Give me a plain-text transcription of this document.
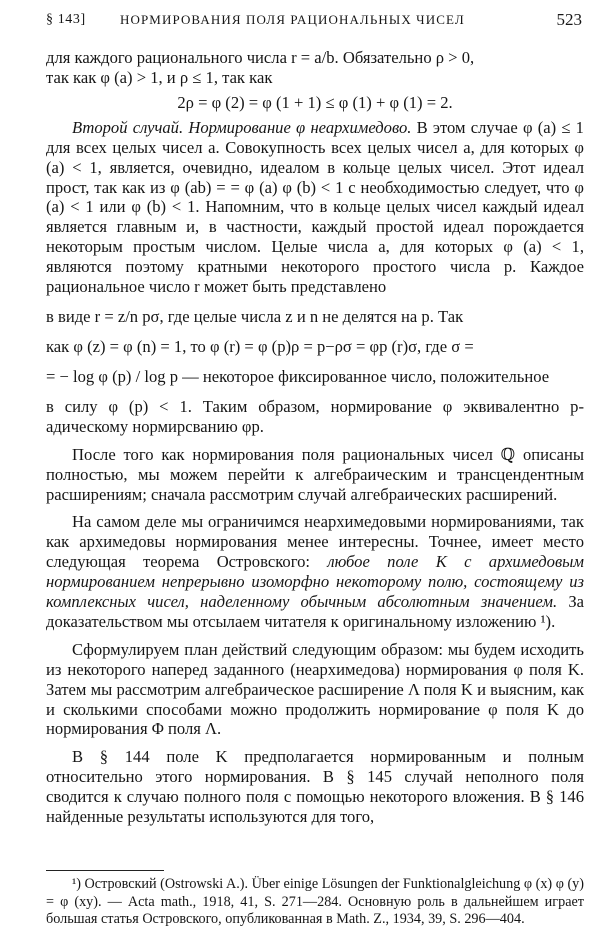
§ 143]	НОРМИРОВАНИЯ ПОЛЯ РАЦИОНАЛЬНЫХ ЧИСЕЛ	523

для каждого рационального числа r = a/b. Обязательно ρ > 0,

так как φ (a) > 1, и ρ ≤ 1, так как

2ρ = φ (2) = φ (1 + 1) ≤ φ (1) + φ (1) = 2.

Второй случай. Нормирование φ неархимедово. В этом случае φ (a) ≤ 1 для всех целых чисел a. Совокупность всех целых чисел a, для которых φ (a) < 1, является, очевидно, идеалом в кольце целых чисел. Этот идеал прост, так как из φ (ab) = = φ (a) φ (b) < 1 с необходимостью следует, что φ (a) < 1 или φ (b) < 1. Напомним, что в кольце целых чисел каждый идеал является главным и, в частности, каждый простой идеал порождается некоторым простым числом. Целые числа a, для которых φ (a) < 1, являются поэтому кратными некоторого простого числа p. Каждое рациональное число r может быть представлено

в виде r = z/n pσ, где целые числа z и n не делятся на p. Так

как φ (z) = φ (n) = 1, то φ (r) = φ (p)ρ = p−ρσ = φp (r)σ, где σ =

= − log φ (p) / log p — некоторое фиксированное число, положительное

в силу φ (p) < 1. Таким образом, нормирование φ эквивалентно p-адическому нормирсванию φp.

После того как нормирования поля рациональных чисел ℚ описаны полностью, мы можем перейти к алгебраическим и трансцендентным расширениям; сначала рассмотрим случай алгебраических расширений.

На самом деле мы ограничимся неархимедовыми нормированиями, так как архимедовы нормирования менее интересны. Точнее, имеет место следующая теорема Островского: любое поле K с архимедовым нормированием непрерывно изоморфно некоторому полю, состоящему из комплексных чисел, наделенному обычным абсолютным значением. За доказательством мы отсылаем читателя к оригинальному изложению ¹).

Сформулируем план действий следующим образом: мы будем исходить из некоторого наперед заданного (неархимедова) нормирования φ поля K. Затем мы рассмотрим алгебраическое расширение Λ поля K и выясним, как и сколькими способами можно продолжить нормирование φ поля K до нормирования Φ поля Λ.

В § 144 поле K предполагается нормированным и полным относительно этого нормирования. В § 145 случай неполного поля сводится к случаю полного поля с помощью некоторого вложения. В § 146 найденные результаты используются для того,

¹) Островский (Ostrowski A.). Über einige Lösungen der Funktionalgleichung φ (x) φ (y) = φ (xy). — Acta math., 1918, 41, S. 271—284. Основную роль в дальнейшем играет большая статья Островского, опубликованная в Math. Z., 1934, 39, S. 296—404.
